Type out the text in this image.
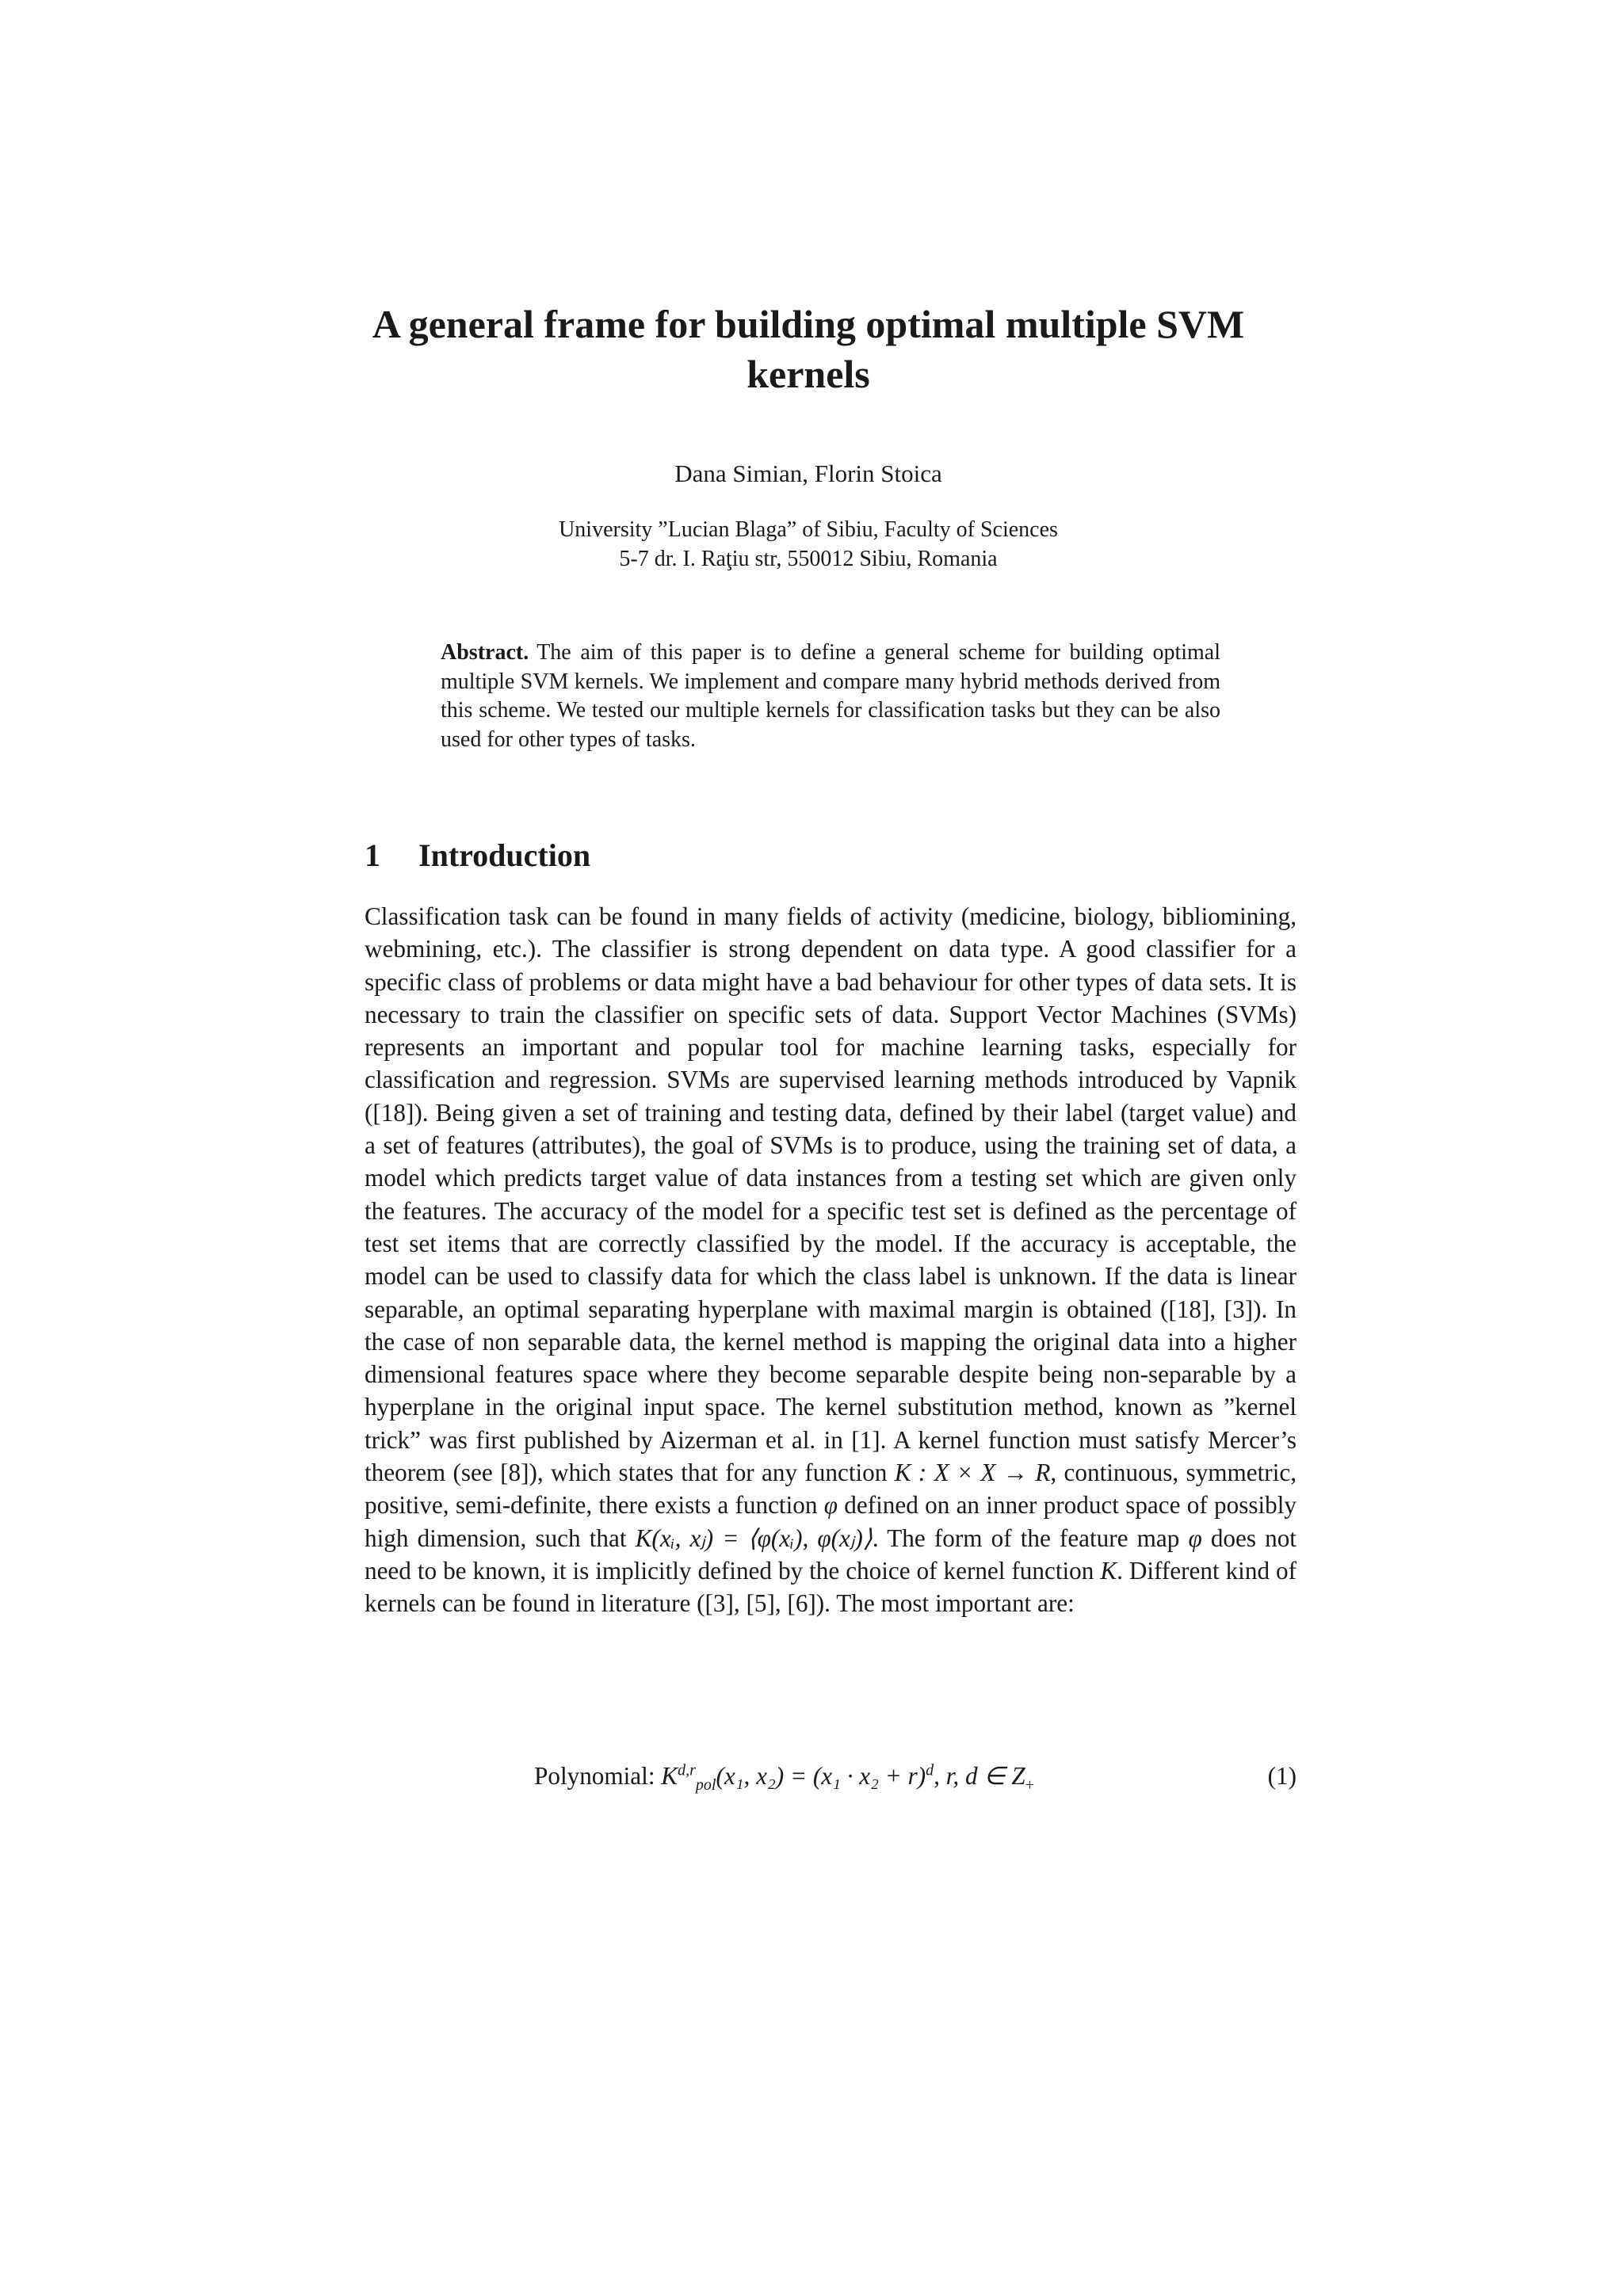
A general frame for building optimal multiple SVM kernels
Dana Simian, Florin Stoica
University ”Lucian Blaga” of Sibiu, Faculty of Sciences
5-7 dr. I. Raţiu str, 550012 Sibiu, Romania
Abstract. The aim of this paper is to define a general scheme for building optimal multiple SVM kernels. We implement and compare many hybrid methods derived from this scheme. We tested our multiple kernels for classification tasks but they can be also used for other types of tasks.
1 Introduction
Classification task can be found in many fields of activity (medicine, biology, bibliomining, webmining, etc.). The classifier is strong dependent on data type. A good classifier for a specific class of problems or data might have a bad behaviour for other types of data sets. It is necessary to train the classifier on specific sets of data. Support Vector Machines (SVMs) represents an important and popular tool for machine learning tasks, especially for classification and regression. SVMs are supervised learning methods introduced by Vapnik ([18]). Being given a set of training and testing data, defined by their label (target value) and a set of features (attributes), the goal of SVMs is to produce, using the training set of data, a model which predicts target value of data instances from a testing set which are given only the features. The accuracy of the model for a specific test set is defined as the percentage of test set items that are correctly classified by the model. If the accuracy is acceptable, the model can be used to classify data for which the class label is unknown. If the data is linear separable, an optimal separating hyperplane with maximal margin is obtained ([18], [3]). In the case of non separable data, the kernel method is mapping the original data into a higher dimensional features space where they become separable despite being non-separable by a hyperplane in the original input space. The kernel substitution method, known as ”kernel trick” was first published by Aizerman et al. in [1]. A kernel function must satisfy Mercer’s theorem (see [8]), which states that for any function K : X × X → R, continuous, symmetric, positive, semi-definite, there exists a function φ defined on an inner product space of possibly high dimension, such that K(xᵢ, xⱼ) = ⟨φ(xᵢ), φ(xⱼ)⟩. The form of the feature map φ does not need to be known, it is implicitly defined by the choice of kernel function K. Different kind of kernels can be found in literature ([3], [5], [6]). The most important are:
Polynomial: K$^{d,r}_{pol}$(x₁, $x_2) = (x_1 \cdot x_2 + r)^d$, r, d ∈ $Z_+$	(1)
